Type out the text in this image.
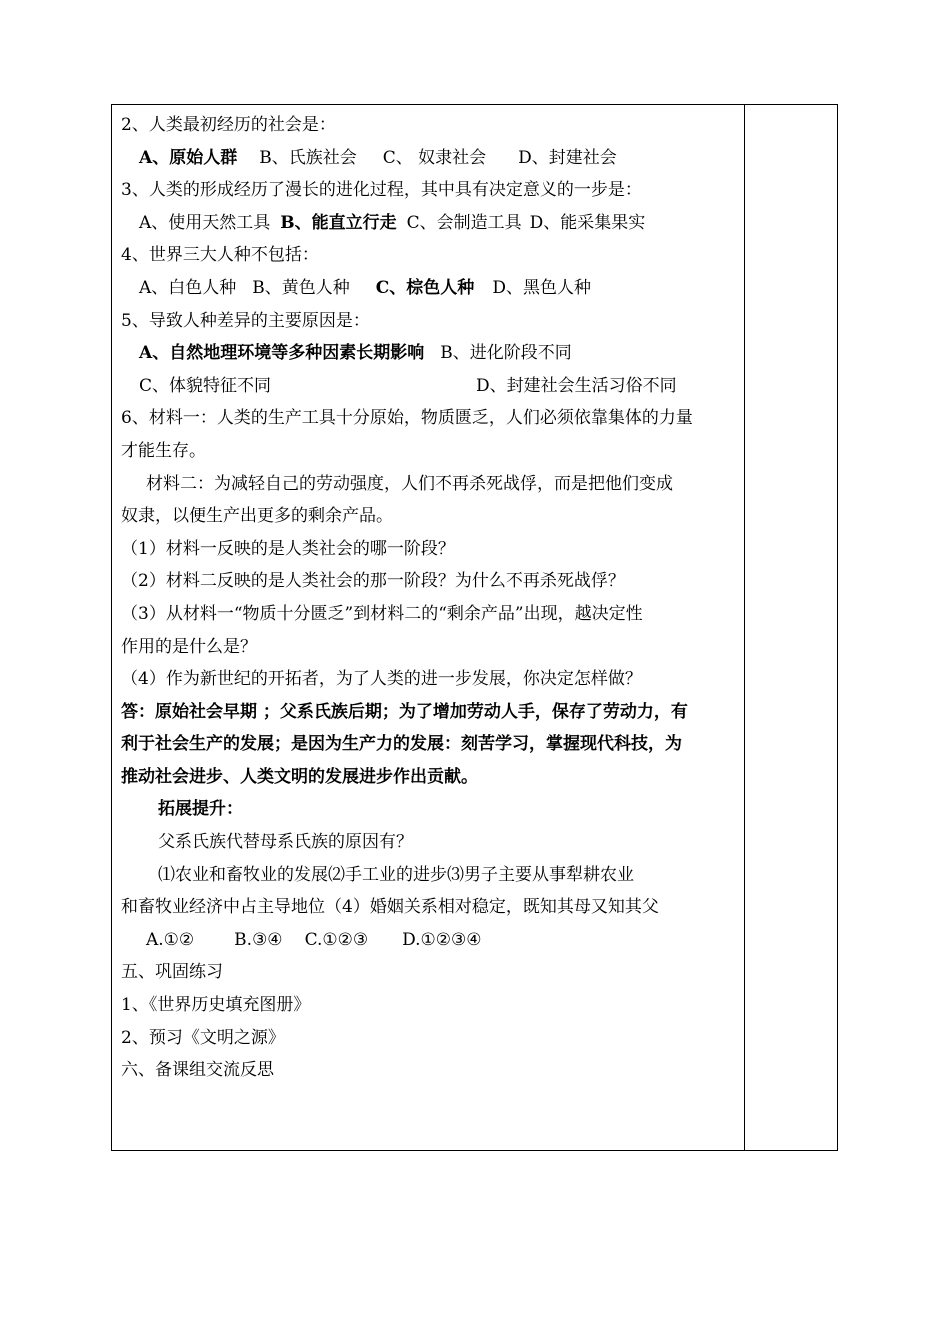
2、人类最初经历的社会是：
A、原始人群 B、氏族社会 C、 奴隶社会 D、封建社会
3、人类的形成经历了漫长的进化过程，其中具有决定意义的一步是：
A、使用天然工具 B、能直立行走 C、会制造工具 D、能采集果实
4、世界三大人种不包括：
A、白色人种 B、黄色人种 C、棕色人种 D、黑色人种
5、导致人种差异的主要原因是：
A、自然地理环境等多种因素长期影响 B、进化阶段不同
C、体貌特征不同	D、封建社会生活习俗不同
6、材料一：人类的生产工具十分原始，物质匮乏，人们必须依靠集体的力量
才能生存。
材料二：为减轻自己的劳动强度，人们不再杀死战俘，而是把他们变成
奴隶，以便生产出更多的剩余产品。
（1）材料一反映的是人类社会的哪一阶段？
（2）材料二反映的是人类社会的那一阶段？为什么不再杀死战俘？
（3）从材料一“物质十分匮乏”到材料二的“剩余产品”出现，越决定性
作用的是什么是？
（4）作为新世纪的开拓者，为了人类的进一步发展，你决定怎样做？
答：原始社会早期 ；父系氏族后期；为了增加劳动人手，保存了劳动力，有
利于社会生产的发展；是因为生产力的发展：刻苦学习，掌握现代科技，为
推动社会进步、人类文明的发展进步作出贡献。
拓展提升：
父系氏族代替母系氏族的原因有？
⑴农业和畜牧业的发展⑵手工业的进步⑶男子主要从事犁耕农业
和畜牧业经济中占主导地位（4）婚姻关系相对稳定，既知其母又知其父
A.①② B.③④ C.①②③ D.①②③④
五、巩固练习
1、《世界历史填充图册》
2、预习《文明之源》
六、备课组交流反思
